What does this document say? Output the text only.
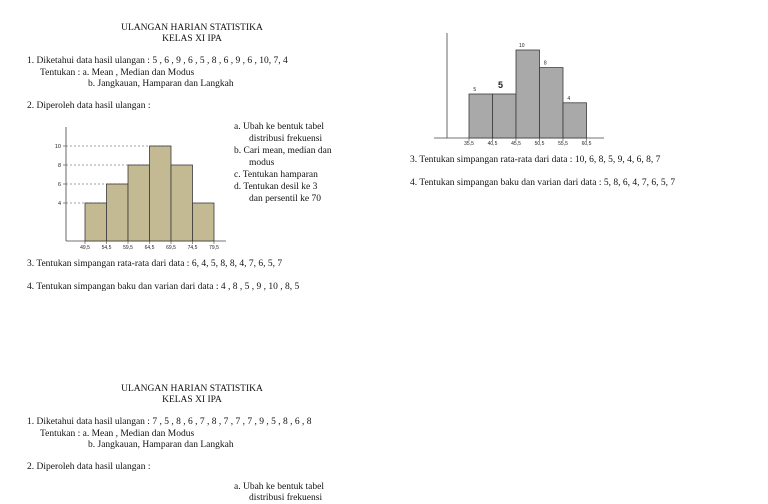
ULANGAN HARIAN STATISTIKA
KELAS XI IPA
1. Diketahui data hasil ulangan : 5 , 6 , 9 , 6 , 5 , 8 , 6 , 9 , 6 , 10, 7, 4
Tentukan : a. Mean , Median dan Modus
b. Jangkauan, Hamparan dan Langkah
2. Diperoleh data hasil ulangan :
4
6
8
10
49,5 54,5 59,5 64,5 69,5 74,5 79,5
5 5
10
8
4
35,5	40,5	45,5	50,5	55,5	60,5
a. Ubah ke bentuk tabel
distribusi frekuensi
b. Cari mean, median dan
modus
c. Tentukan hamparan
d. Tentukan desil ke 3
dan persentil ke 70
3. Tentukan simpangan rata-rata dari data : 6, 4, 5, 8, 8, 4, 7, 6, 5, 7
4. Tentukan simpangan baku dan varian dari data : 4 , 8 , 5 , 9 , 10 , 8, 5
3. Tentukan simpangan rata-rata dari data : 10, 6, 8, 5, 9, 4, 6, 8, 7
4. Tentukan simpangan baku dan varian dari data : 5, 8, 6, 4, 7, 6, 5, 7
ULANGAN HARIAN STATISTIKA
KELAS XI IPA
1. Diketahui data hasil ulangan : 7 , 5 , 8 , 6 , 7 , 8 , 7 , 7 , 7 , 9 , 5 , 8 , 6 , 8
Tentukan : a. Mean , Median dan Modus
b. Jangkauan, Hamparan dan Langkah
2. Diperoleh data hasil ulangan :
a. Ubah ke bentuk tabel
distribusi frekuensi
